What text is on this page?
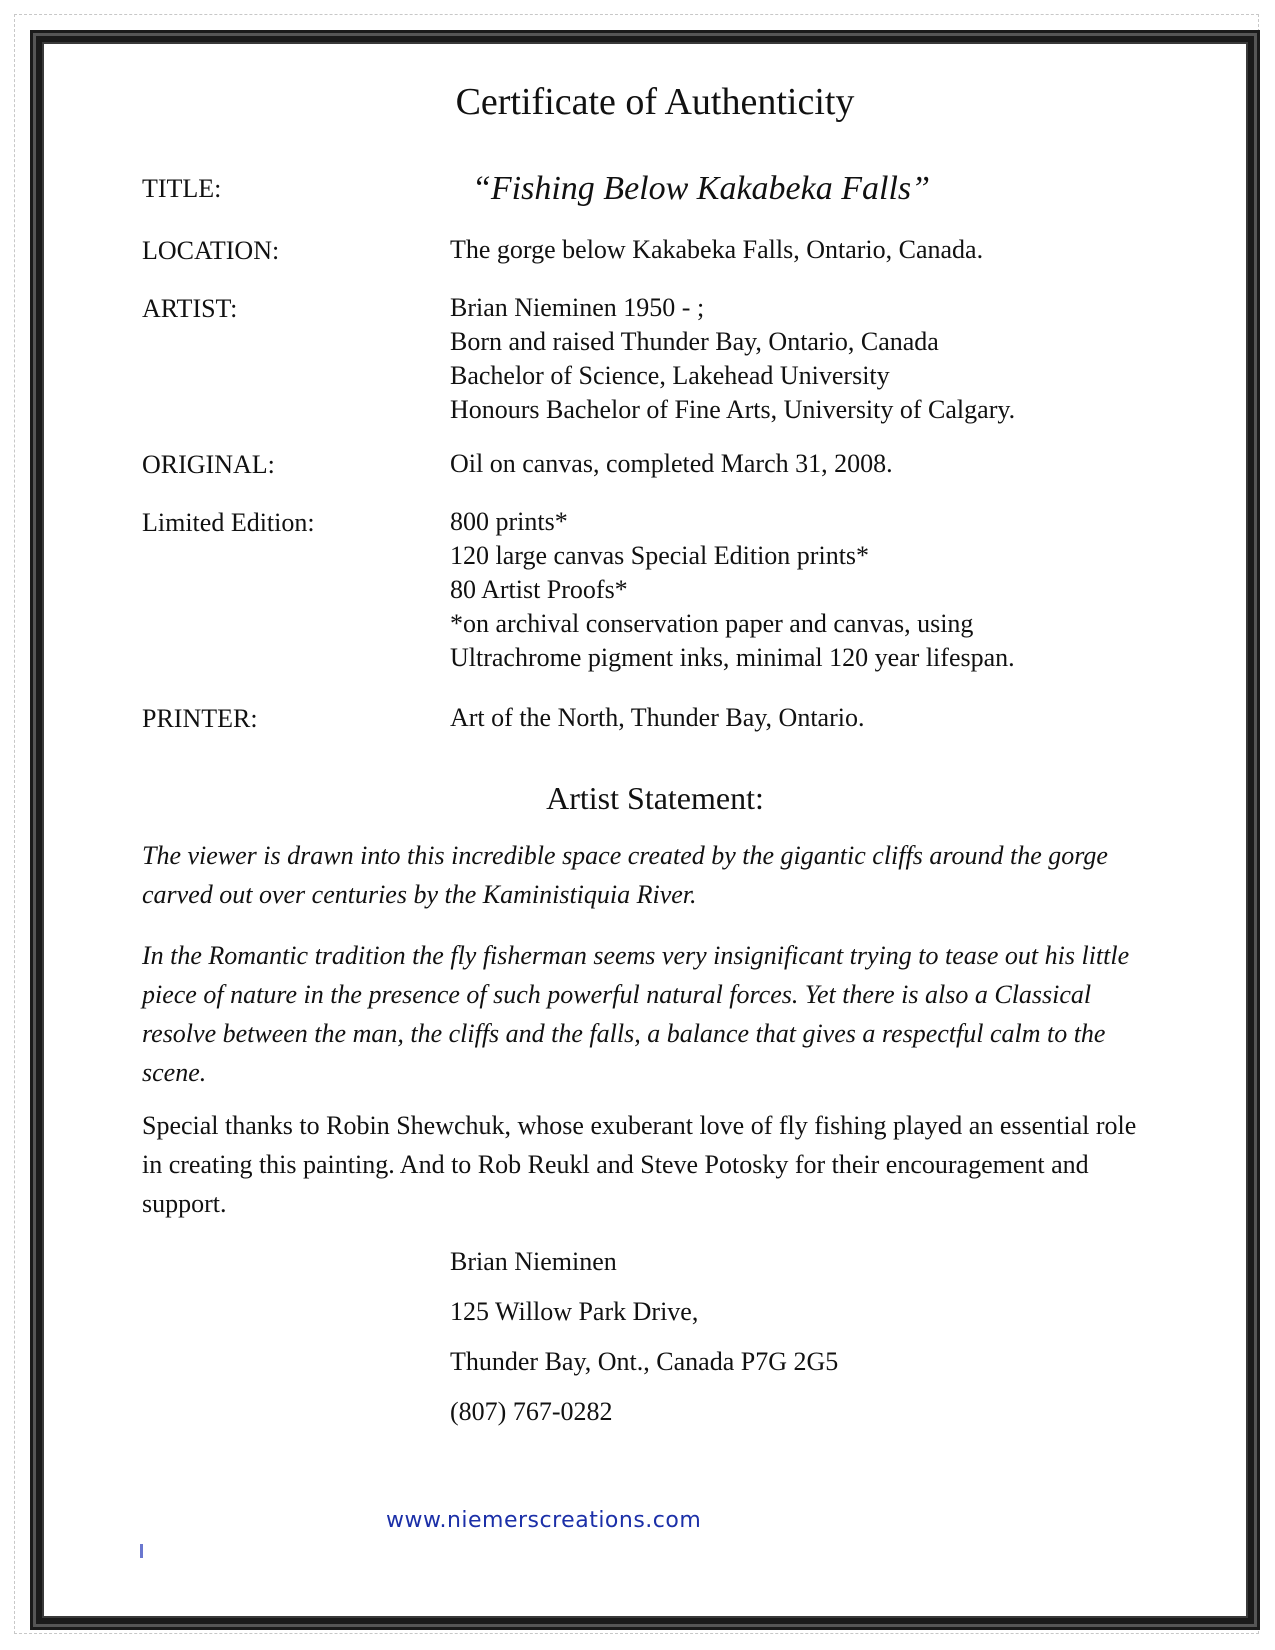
Certificate of Authenticity
TITLE:	“Fishing Below Kakabeka Falls”
LOCATION:	The gorge below Kakabeka Falls, Ontario, Canada.
ARTIST:	Brian Nieminen 1950 - ;
Born and raised Thunder Bay, Ontario, Canada
Bachelor of Science, Lakehead University
Honours Bachelor of Fine Arts, University of Calgary.
ORIGINAL:	Oil on canvas, completed March 31, 2008.
Limited Edition:	800 prints*
120 large canvas Special Edition prints*
80 Artist Proofs*
*on archival conservation paper and canvas, using
Ultrachrome pigment inks, minimal 120 year lifespan.
PRINTER:	Art of the North, Thunder Bay, Ontario.
Artist Statement:

The viewer is drawn into this incredible space created by the gigantic cliffs around the gorge carved out over centuries by the Kaministiquia River.

In the Romantic tradition the fly fisherman seems very insignificant trying to tease out his little piece of nature in the presence of such powerful natural forces. Yet there is also a Classical resolve between the man, the cliffs and the falls, a balance that gives a respectful calm to the scene.

Special thanks to Robin Shewchuk, whose exuberant love of fly fishing played an essential role in creating this painting. And to Rob Reukl and Steve Potosky for their encouragement and support.

Brian Nieminen
125 Willow Park Drive,
Thunder Bay, Ont., Canada P7G 2G5
(807) 767-0282
www.niemerscreations.com
